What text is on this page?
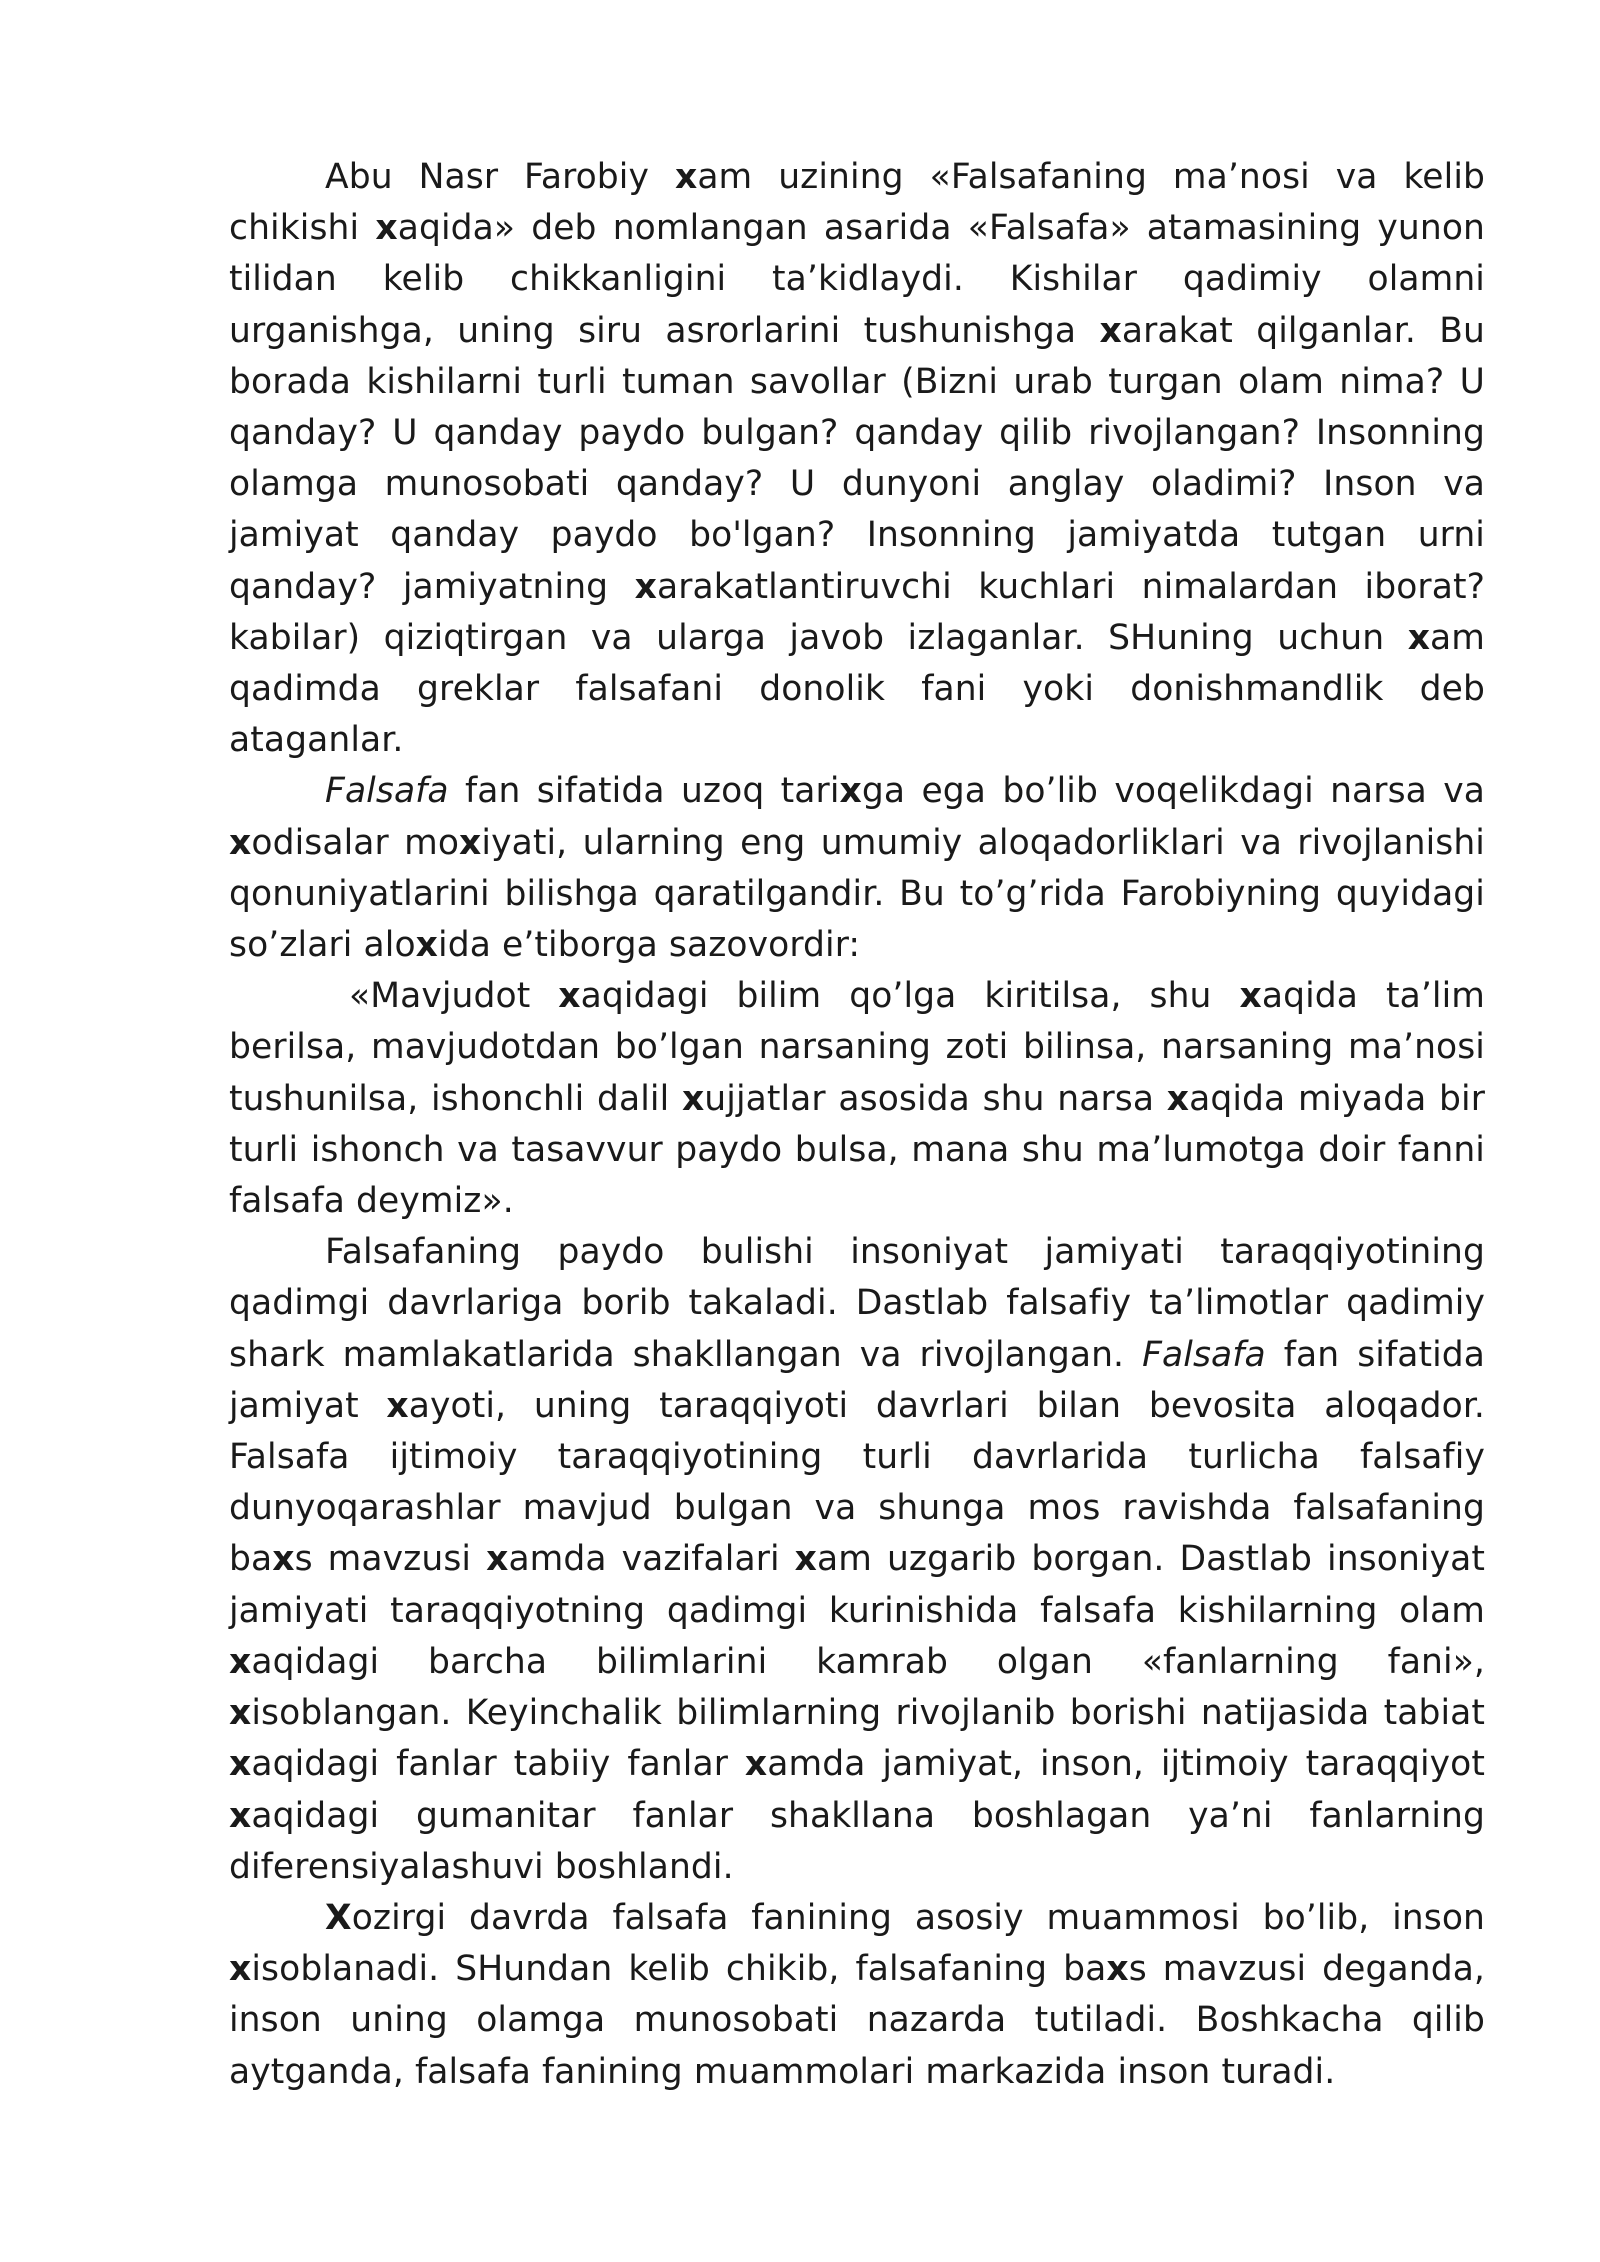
Abu Nasr Farobiy xam uzining «Falsafaning ma’nosi va kelib chikishi xaqida» deb nomlangan asarida «Falsafa» atamasining yunon tilidan kelib chikkanligini ta’kidlaydi. Kishilar qadimiy olamni urganishga, uning siru asrorlarini tushunishga xarakat qilganlar. Bu borada kishilarni turli tuman savollar (Bizni urab turgan olam nima? U qanday? U qanday paydo bulgan? qanday qilib rivojlangan? Insonning olamga munosobati qanday? U dunyoni anglay oladimi? Inson va jamiyat qanday paydo bo'lgan? Insonning jamiyatda tutgan urni qanday? jamiyatning xarakatlantiruvchi kuchlari nimalardan iborat? kabilar) qiziqtirgan va ularga javob izlaganlar. SHuning uchun xam qadimda greklar falsafani donolik fani yoki donishmandlik deb ataganlar.

Falsafa fan sifatida uzoq tarixga ega bo’lib voqelikdagi narsa va xodisalar moxiyati, ularning eng umumiy aloqadorliklari va rivojlanishi qonuniyatlarini bilishga qaratilgandir. Bu to’g’rida Farobiyning quyidagi so’zlari aloxida e’tiborga sazovordir:

«Mavjudot xaqidagi bilim qo’lga kiritilsa, shu xaqida ta’lim berilsa, mavjudotdan bo’lgan narsaning zoti bilinsa, narsaning ma’nosi tushunilsa, ishonchli dalil xujjatlar asosida shu narsa xaqida miyada bir turli ishonch va tasavvur paydo bulsa, mana shu ma’lumotga doir fanni falsafa deymiz».

Falsafaning paydo bulishi insoniyat jamiyati taraqqiyotining qadimgi davrlariga borib takaladi. Dastlab falsafiy ta’limotlar qadimiy shark mamlakatlarida shakllangan va rivojlangan. Falsafa fan sifatida jamiyat xayoti, uning taraqqiyoti davrlari bilan bevosita aloqador. Falsafa ijtimoiy taraqqiyotining turli davrlarida turlicha falsafiy dunyoqarashlar mavjud bulgan va shunga mos ravishda falsafaning baxs mavzusi xamda vazifalari xam uzgarib borgan. Dastlab insoniyat jamiyati taraqqiyotning qadimgi kurinishida falsafa kishilarning olam xaqidagi barcha bilimlarini kamrab olgan «fanlarning fani», xisoblangan. Keyinchalik bilimlarning rivojlanib borishi natijasida tabiat xaqidagi fanlar tabiiy fanlar xamda jamiyat, inson, ijtimoiy taraqqiyot xaqidagi gumanitar fanlar shakllana boshlagan ya’ni fanlarning diferensiyalashuvi boshlandi.

Xozirgi davrda falsafa fanining asosiy muammosi bo’lib, inson xisoblanadi. SHundan kelib chikib, falsafaning baxs mavzusi deganda, inson uning olamga munosobati nazarda tutiladi. Boshkacha qilib aytganda, falsafa fanining muammolari markazida inson turadi.
